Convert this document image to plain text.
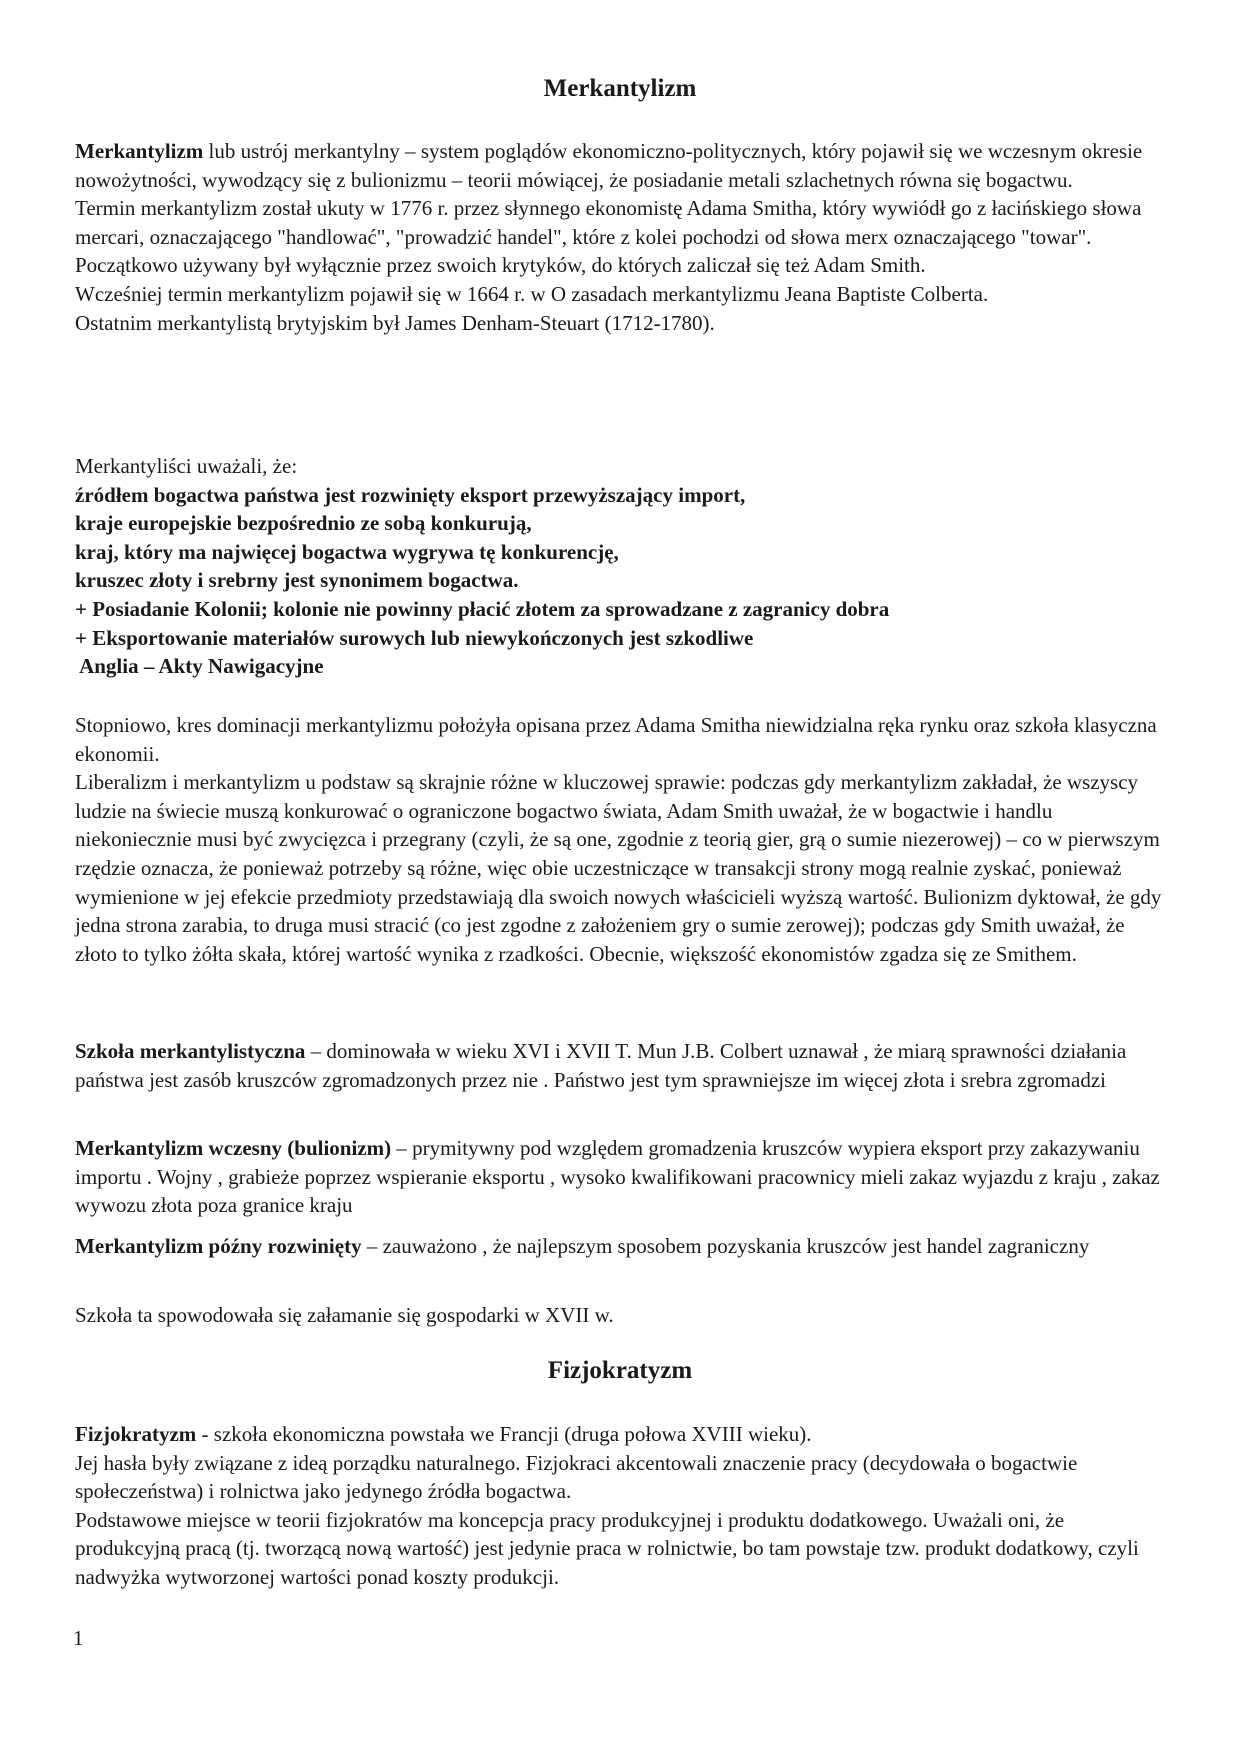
Merkantylizm

Merkantylizm lub ustrój merkantylny – system poglądów ekonomiczno-politycznych, który pojawił się we wczesnym okresie nowożytności, wywodzący się z bulionizmu – teorii mówiącej, że posiadanie metali szlachetnych równa się bogactwu.

Termin merkantylizm został ukuty w 1776 r. przez słynnego ekonomistę Adama Smitha, który wywiódł go z łacińskiego słowa mercari, oznaczającego "handlować", "prowadzić handel", które z kolei pochodzi od słowa merx oznaczającego "towar". Początkowo używany był wyłącznie przez swoich krytyków, do których zaliczał się też Adam Smith.

Wcześniej termin merkantylizm pojawił się w 1664 r. w O zasadach merkantylizmu Jeana Baptiste Colberta.

Ostatnim merkantylistą brytyjskim był James Denham-Steuart (1712-1780).

Merkantyliści uważali, że:

źródłem bogactwa państwa jest rozwinięty eksport przewyższający import,

kraje europejskie bezpośrednio ze sobą konkurują,

kraj, który ma najwięcej bogactwa wygrywa tę konkurencję,

kruszec złoty i srebrny jest synonimem bogactwa.

+ Posiadanie Kolonii; kolonie nie powinny płacić złotem za sprowadzane z zagranicy dobra

+ Eksportowanie materiałów surowych lub niewykończonych jest szkodliwe

Anglia – Akty Nawigacyjne

Stopniowo, kres dominacji merkantylizmu położyła opisana przez Adama Smitha niewidzialna ręka rynku oraz szkoła klasyczna ekonomii.

Liberalizm i merkantylizm u podstaw są skrajnie różne w kluczowej sprawie: podczas gdy merkantylizm zakładał, że wszyscy ludzie na świecie muszą konkurować o ograniczone bogactwo świata, Adam Smith uważał, że w bogactwie i handlu niekoniecznie musi być zwycięzca i przegrany (czyli, że są one, zgodnie z teorią gier, grą o sumie niezerowej) – co w pierwszym rzędzie oznacza, że ponieważ potrzeby są różne, więc obie uczestniczące w transakcji strony mogą realnie zyskać, ponieważ wymienione w jej efekcie przedmioty przedstawiają dla swoich nowych właścicieli wyższą wartość. Bulionizm dyktował, że gdy jedna strona zarabia, to druga musi stracić (co jest zgodne z założeniem gry o sumie zerowej); podczas gdy Smith uważał, że złoto to tylko żółta skała, której wartość wynika z rzadkości. Obecnie, większość ekonomistów zgadza się ze Smithem.

Szkoła merkantylistyczna – dominowała w wieku XVI i XVII T. Mun J.B. Colbert uznawał , że miarą sprawności działania państwa jest zasób kruszców zgromadzonych przez nie . Państwo jest tym sprawniejsze im więcej złota i srebra zgromadzi

Merkantylizm wczesny (bulionizm) – prymitywny pod względem gromadzenia kruszców wypiera eksport przy zakazywaniu importu . Wojny , grabieże poprzez wspieranie eksportu , wysoko kwalifikowani pracownicy mieli zakaz wyjazdu z kraju , zakaz wywozu złota poza granice kraju

Merkantylizm późny rozwinięty – zauważono , że najlepszym sposobem pozyskania kruszców jest handel zagraniczny

Szkoła ta spowodowała się załamanie się gospodarki w XVII w.

Fizjokratyzm

Fizjokratyzm - szkoła ekonomiczna powstała we Francji (druga połowa XVIII wieku).

Jej hasła były związane z ideą porządku naturalnego. Fizjokraci akcentowali znaczenie pracy (decydowała o bogactwie społeczeństwa) i rolnictwa jako jedynego źródła bogactwa.

Podstawowe miejsce w teorii fizjokratów ma koncepcja pracy produkcyjnej i produktu dodatkowego. Uważali oni, że produkcyjną pracą (tj. tworzącą nową wartość) jest jedynie praca w rolnictwie, bo tam powstaje tzw. produkt dodatkowy, czyli nadwyżka wytworzonej wartości ponad koszty produkcji.

1
